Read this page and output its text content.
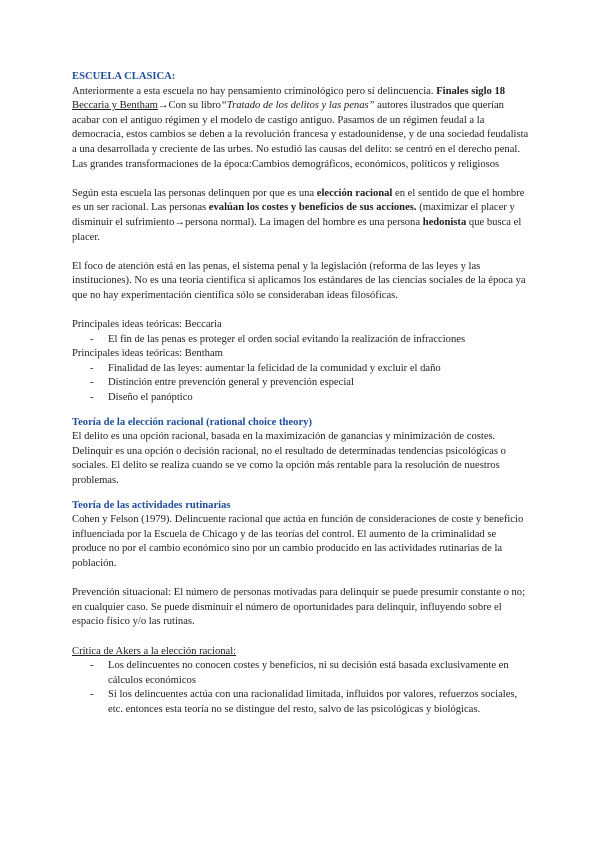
ESCUELA CLASICA:

Anteriormente a esta escuela no hay pensamiento criminológico pero sí delincuencia. Finales siglo 18
Beccaria y Bentham→Con su libro“Tratado de los delitos y las penas” autores ilustrados que querían acabar con el antiguo régimen y el modelo de castigo antiguo. Pasamos de un régimen feudal a la democracia, estos cambios se deben a la revolución francesa y estadounidense, y de una sociedad feudalista a una desarrollada y creciente de las urbes. No estudió las causas del delito: se centró en el derecho penal. Las grandes transformaciones de la época:Cambios demográficos, económicos, políticos y religiosos

Según esta escuela las personas delinquen por que es una elección racional en el sentido de que el hombre es un ser racional. Las personas evalúan los costes y beneficios de sus acciones. (maximizar el placer y disminuir el sufrimiento→persona normal). La imagen del hombre es una persona hedonista que busca el placer.

El foco de atención está en las penas, el sistema penal y la legislación (reforma de las leyes y las instituciones). No es una teoría científica si aplicamos los estándares de las ciencias sociales de la época ya que no hay experimentación científica sólo se consideraban ideas filosóficas.

Principales ideas teóricas: Beccaria

- El fin de las penas es proteger el orden social evitando la realización de infracciones

Principales ideas teóricas: Bentham

- Finalidad de las leyes: aumentar la felicidad de la comunidad y excluir el daño
- Distinción entre prevención general y prevención especial
- Diseño el panóptico

Teoría de la elección racional (rational choice theory)

El delito es una opción racional, basada en la maximización de ganancias y minimización de costes. Delinquir es una opción o decisión racional, no el resultado de determinadas tendencias psicológicas o sociales. El delito se realiza cuando se ve como la opción más rentable para la resolución de nuestros problemas.

Teoría de las actividades rutinarias

Cohen y Felson (1979). Delincuente racional que actúa en función de consideraciones de coste y beneficio influenciada por la Escuela de Chicago y de las teorías del control. El aumento de la criminalidad se produce no por el cambio económico sino por un cambio producido en las actividades rutinarias de la población.

Prevención situacional: El número de personas motivadas para delinquir se puede presumir constante o no; en cualquier caso. Se puede disminuir el número de oportunidades para delinquir, influyendo sobre el espacio físico y/o las rutinas.

Crítica de Akers a la elección racional:

- Los delincuentes no conocen costes y beneficios, ni su decisión está basada exclusivamente en cálculos económicos
- Si los delincuentes actúa con una racionalidad limitada, influidos por valores, refuerzos sociales, etc. entonces esta teoría no se distingue del resto, salvo de las psicológicas y biológicas.
